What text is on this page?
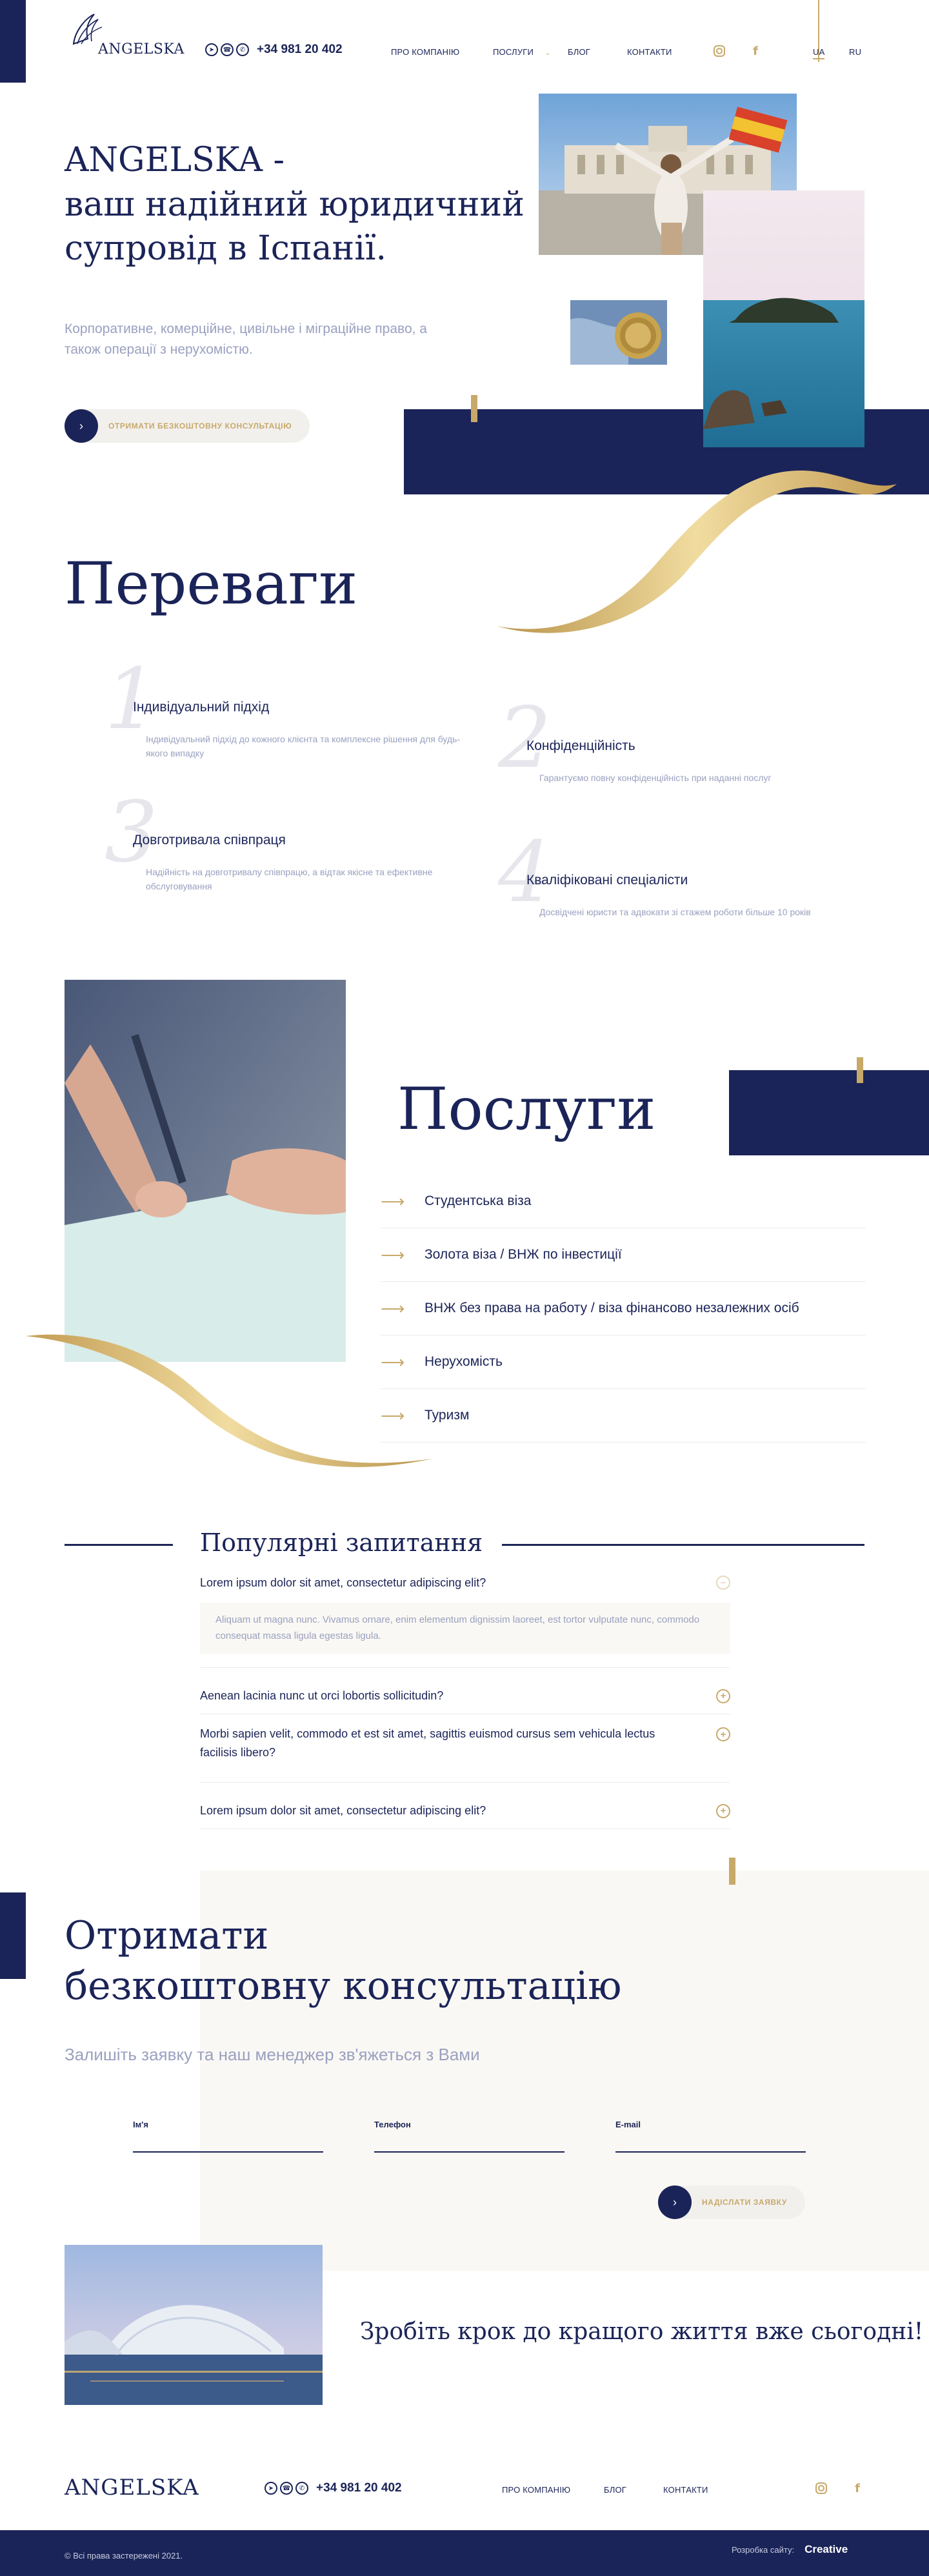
ANGELSKA	➤	☎	✆ +34 981 20 402	ПРО КОМПАНІЮ	ПОСЛУГИ ⌄ БЛОГ	КОНТАКТИ	f	UA	RU
ANGELSKA -
ваш надійний юридичний
супровід в Іспанії.
Корпоративне, комерційне, цивільне і міграційне право, а також операції з нерухомістю.
›	ОТРИМАТИ БЕЗКОШТОВНУ КОНСУЛЬТАЦІЮ
Переваги
1
Індивідуальний підхід
Індивідуальний підхід до кожного клієнта та комплексне рішення для будь-якого випадку	2
Конфіденційність
Гарантуємо повну конфіденційність при наданні послуг
3
Довготривала співпраця
Надійність на довготривалу співпрацю, а відтак якісне та ефективне обслуговування	4
Кваліфіковані спеціалісти
Досвідчені юристи та адвокати зі стажем роботи більше 10 років
Послуги
⟶	Студентська віза
⟶	Золота віза / ВНЖ по інвестиції
⟶	ВНЖ без права на работу / віза фінансово незалежних осіб
⟶	Нерухомість
⟶	Туризм
Популярні запитання
Lorem ipsum dolor sit amet, consectetur adipiscing elit?	−
Aliquam ut magna nunc. Vivamus ornare, enim elementum dignissim laoreet, est tortor vulputate nunc, commodo consequat massa ligula egestas ligula.
Aenean lacinia nunc ut orci lobortis sollicitudin?	+
Morbi sapien velit, commodo et est sit amet, sagittis euismod cursus sem vehicula lectus facilisis libero?
+
Lorem ipsum dolor sit amet, consectetur adipiscing elit?	+
Отримати
безкоштовну консультацію
Залишіть заявку та наш менеджер зв'яжеться з Вами
Ім'я	Телефон	E-mail
›	НАДІСЛАТИ ЗАЯВКУ
Зробіть крок до кращого життя вже сьогодні!
ANGELSKA	➤	☎	✆ +34 981 20 402	ПРО КОМПАНІЮ	БЛОГ	КОНТАКТИ	f
© Всі права застережені 2021.
Розробка сайту: Creative
